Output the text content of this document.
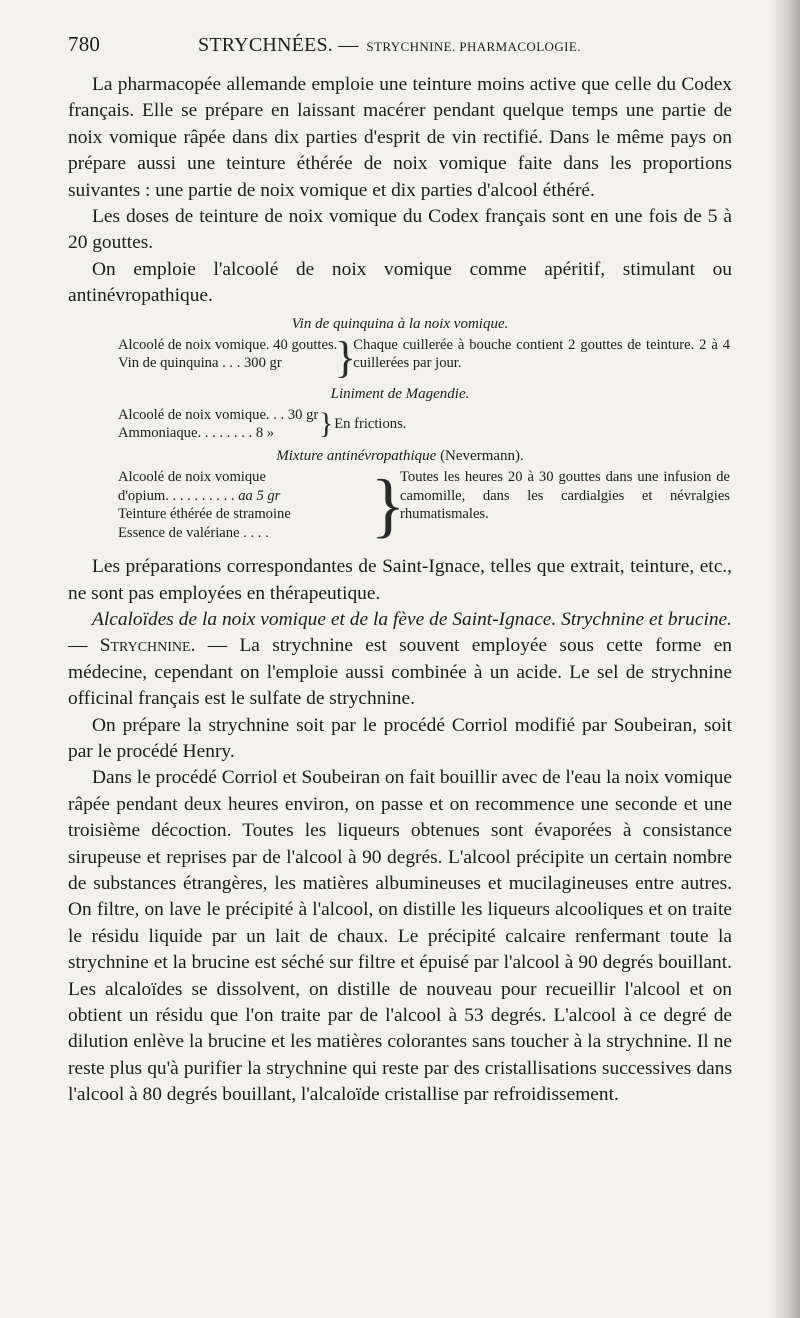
780	STRYCHNÉES. — STRYCHNINE. PHARMACOLOGIE.

La pharmacopée allemande emploie une teinture moins active que celle du Codex français. Elle se prépare en laissant macérer pendant quelque temps une partie de noix vomique râpée dans dix parties d'esprit de vin rectifié. Dans le même pays on prépare aussi une teinture éthérée de noix vomique faite dans les proportions suivantes : une partie de noix vomique et dix parties d'alcool éthéré.

Les doses de teinture de noix vomique du Codex français sont en une fois de 5 à 20 gouttes.

On emploie l'alcoolé de noix vomique comme apéritif, stimulant ou antinévropathique.

Vin de quinquina à la noix vomique.
Alcoolé de noix vomique. 40 gouttes.
Vin de quinquina . . . 300 gr }
Chaque cuillerée à bouche contient 2 gouttes de teinture. 2 à 4 cuillerées par jour.
Liniment de Magendie.
Alcoolé de noix vomique. . . 30 gr
Ammoniaque. . . . . . . . 8 » } En frictions.
Mixture antinévropathique (Nevermann).
Alcoolé de noix vomique
d'opium. . . . . . . . . . aa 5 gr
Teinture éthérée de stramoine
Essence de valériane . . . . }
Toutes les heures 20 à 30 gouttes dans une infusion de camomille, dans les cardialgies et névralgies rhumatismales.

Les préparations correspondantes de Saint-Ignace, telles que extrait, teinture, etc., ne sont pas employées en thérapeutique.

Alcaloïdes de la noix vomique et de la fève de Saint-Ignace. Strychnine et brucine. — Strychnine. — La strychnine est souvent employée sous cette forme en médecine, cependant on l'emploie aussi combinée à un acide. Le sel de strychnine officinal français est le sulfate de strychnine.

On prépare la strychnine soit par le procédé Corriol modifié par Soubeiran, soit par le procédé Henry.

Dans le procédé Corriol et Soubeiran on fait bouillir avec de l'eau la noix vomique râpée pendant deux heures environ, on passe et on recommence une seconde et une troisième décoction. Toutes les liqueurs obtenues sont évaporées à consistance sirupeuse et reprises par de l'alcool à 90 degrés. L'alcool précipite un certain nombre de substances étrangères, les matières albumineuses et mucilagineuses entre autres. On filtre, on lave le précipité à l'alcool, on distille les liqueurs alcooliques et on traite le résidu liquide par un lait de chaux. Le précipité calcaire renfermant toute la strychnine et la brucine est séché sur filtre et épuisé par l'alcool à 90 degrés bouillant. Les alcaloïdes se dissolvent, on distille de nouveau pour recueillir l'alcool et on obtient un résidu que l'on traite par de l'alcool à 53 degrés. L'alcool à ce degré de dilution enlève la brucine et les matières colorantes sans toucher à la strychnine. Il ne reste plus qu'à purifier la strychnine qui reste par des cristallisations successives dans l'alcool à 80 degrés bouillant, l'alcaloïde cristallise par refroidissement.
